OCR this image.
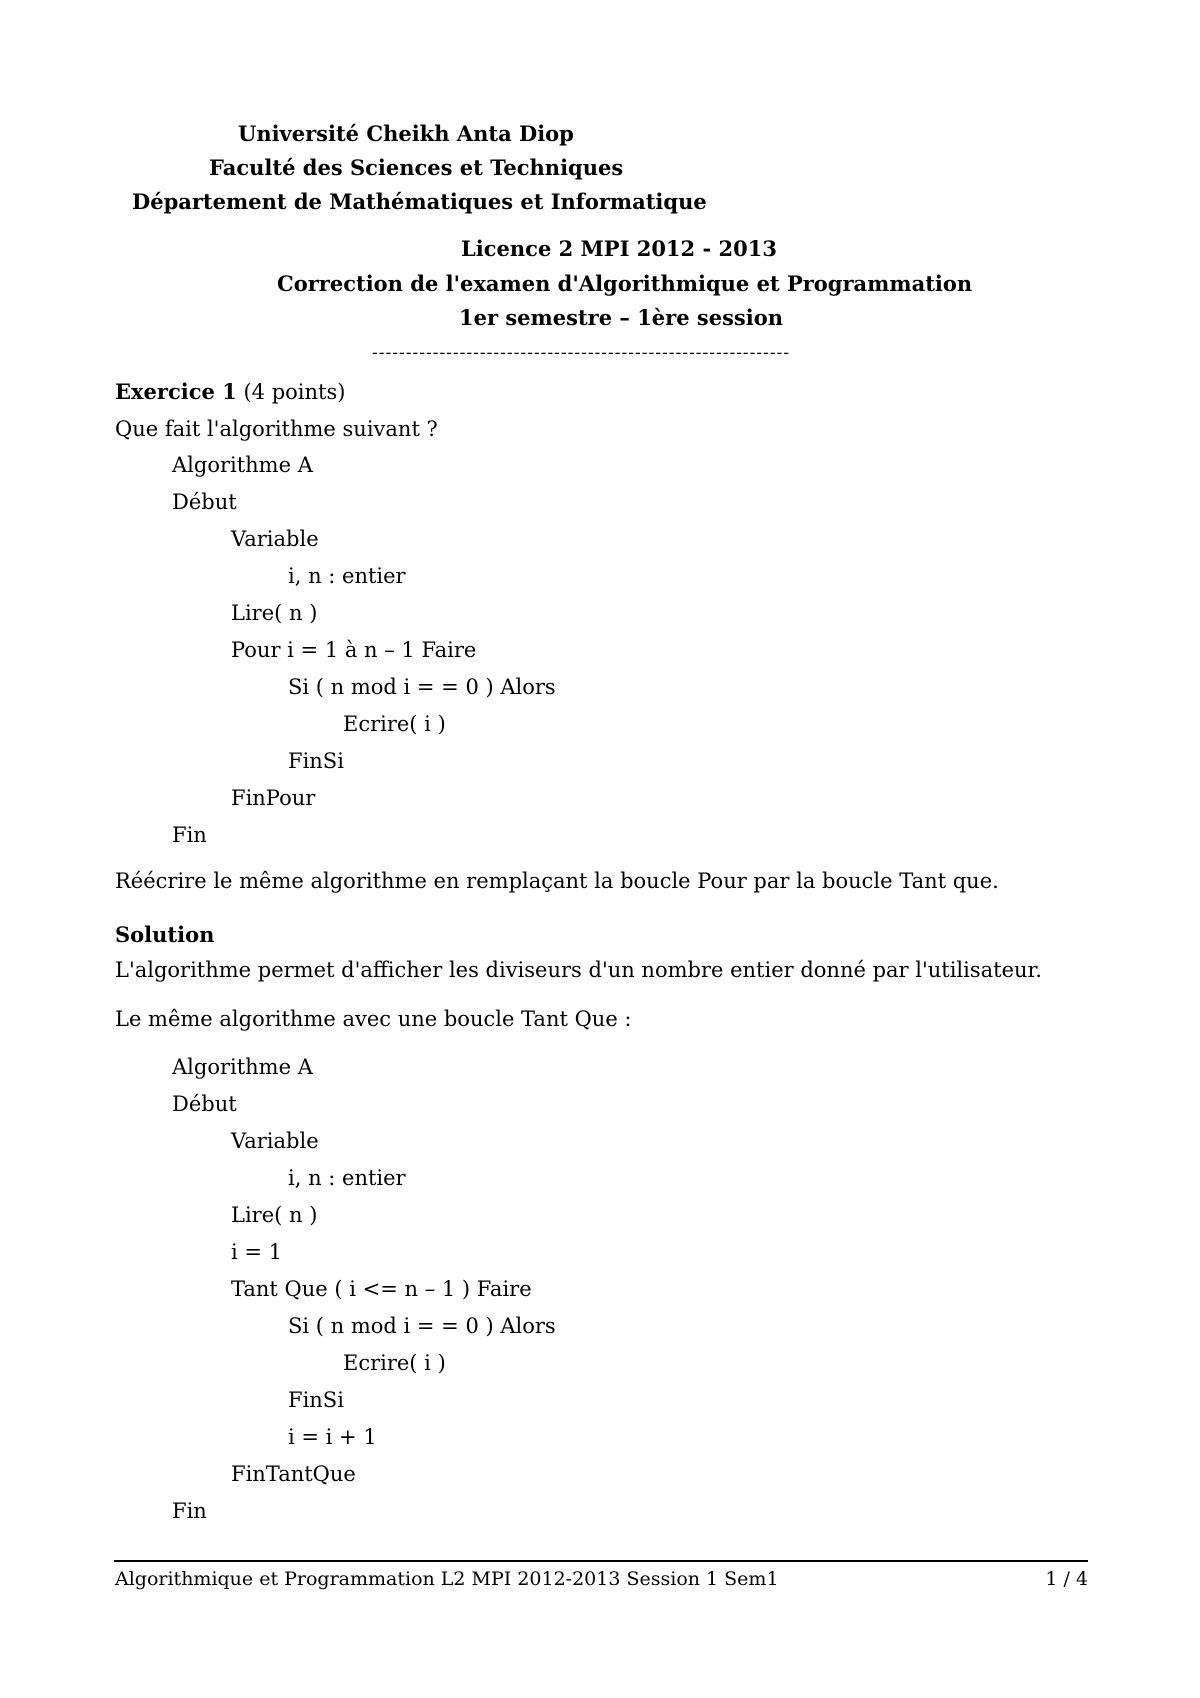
Université Cheikh Anta Diop
Faculté des Sciences et Techniques
Département de Mathématiques et Informatique
Licence 2 MPI 2012 - 2013
Correction de l'examen d'Algorithmique et Programmation
1er semestre – 1ère session
--------------------------------------------------------------
Exercice 1 (4 points)
Que fait l'algorithme suivant ?
Algorithme A
Début
Variable
i, n : entier
Lire( n )
Pour i = 1 à n – 1 Faire
Si ( n mod i = = 0 ) Alors
Ecrire( i )
FinSi
FinPour
Fin
Réécrire le même algorithme en remplaçant la boucle Pour par la boucle Tant que.
Solution
L'algorithme permet d'afficher les diviseurs d'un nombre entier donné par l'utilisateur.
Le même algorithme avec une boucle Tant Que :
Algorithme A
Début
Variable
i, n : entier
Lire( n )
i = 1
Tant Que ( i <= n – 1 ) Faire
Si ( n mod i = = 0 ) Alors
Ecrire( i )
FinSi
i = i + 1
FinTantQue
Fin
Algorithmique et Programmation L2 MPI 2012-2013 Session 1 Sem1	1 / 4
